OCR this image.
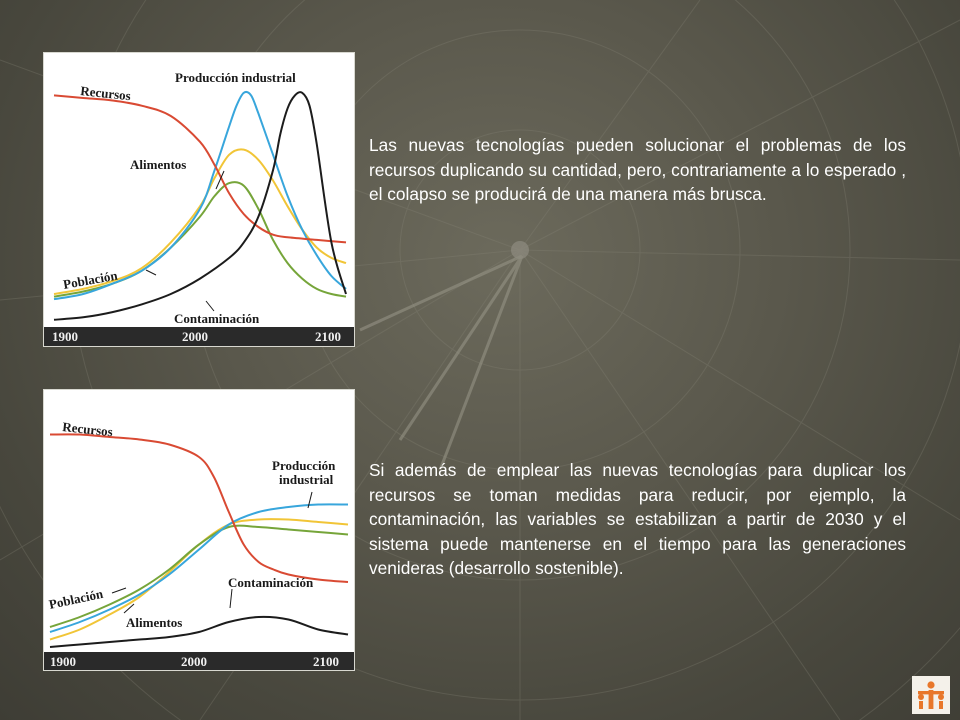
Recursos
Producción industrial
Alimentos
Población
Contaminación
1900	2000	2100
Recursos
Producción
industrial
Población
Alimentos
Contaminación
1900	2000	2100

Las nuevas tecnologías pueden solucionar el problemas de los recursos duplicando su cantidad, pero, contrariamente a lo esperado , el colapso se producirá de una manera más brusca.

Si además de emplear las nuevas tecnologías para duplicar los recursos se toman medidas para reducir, por ejemplo, la contaminación, las variables se estabilizan a partir de 2030 y el sistema puede mantenerse en el tiempo para las generaciones venideras (desarrollo sostenible).
